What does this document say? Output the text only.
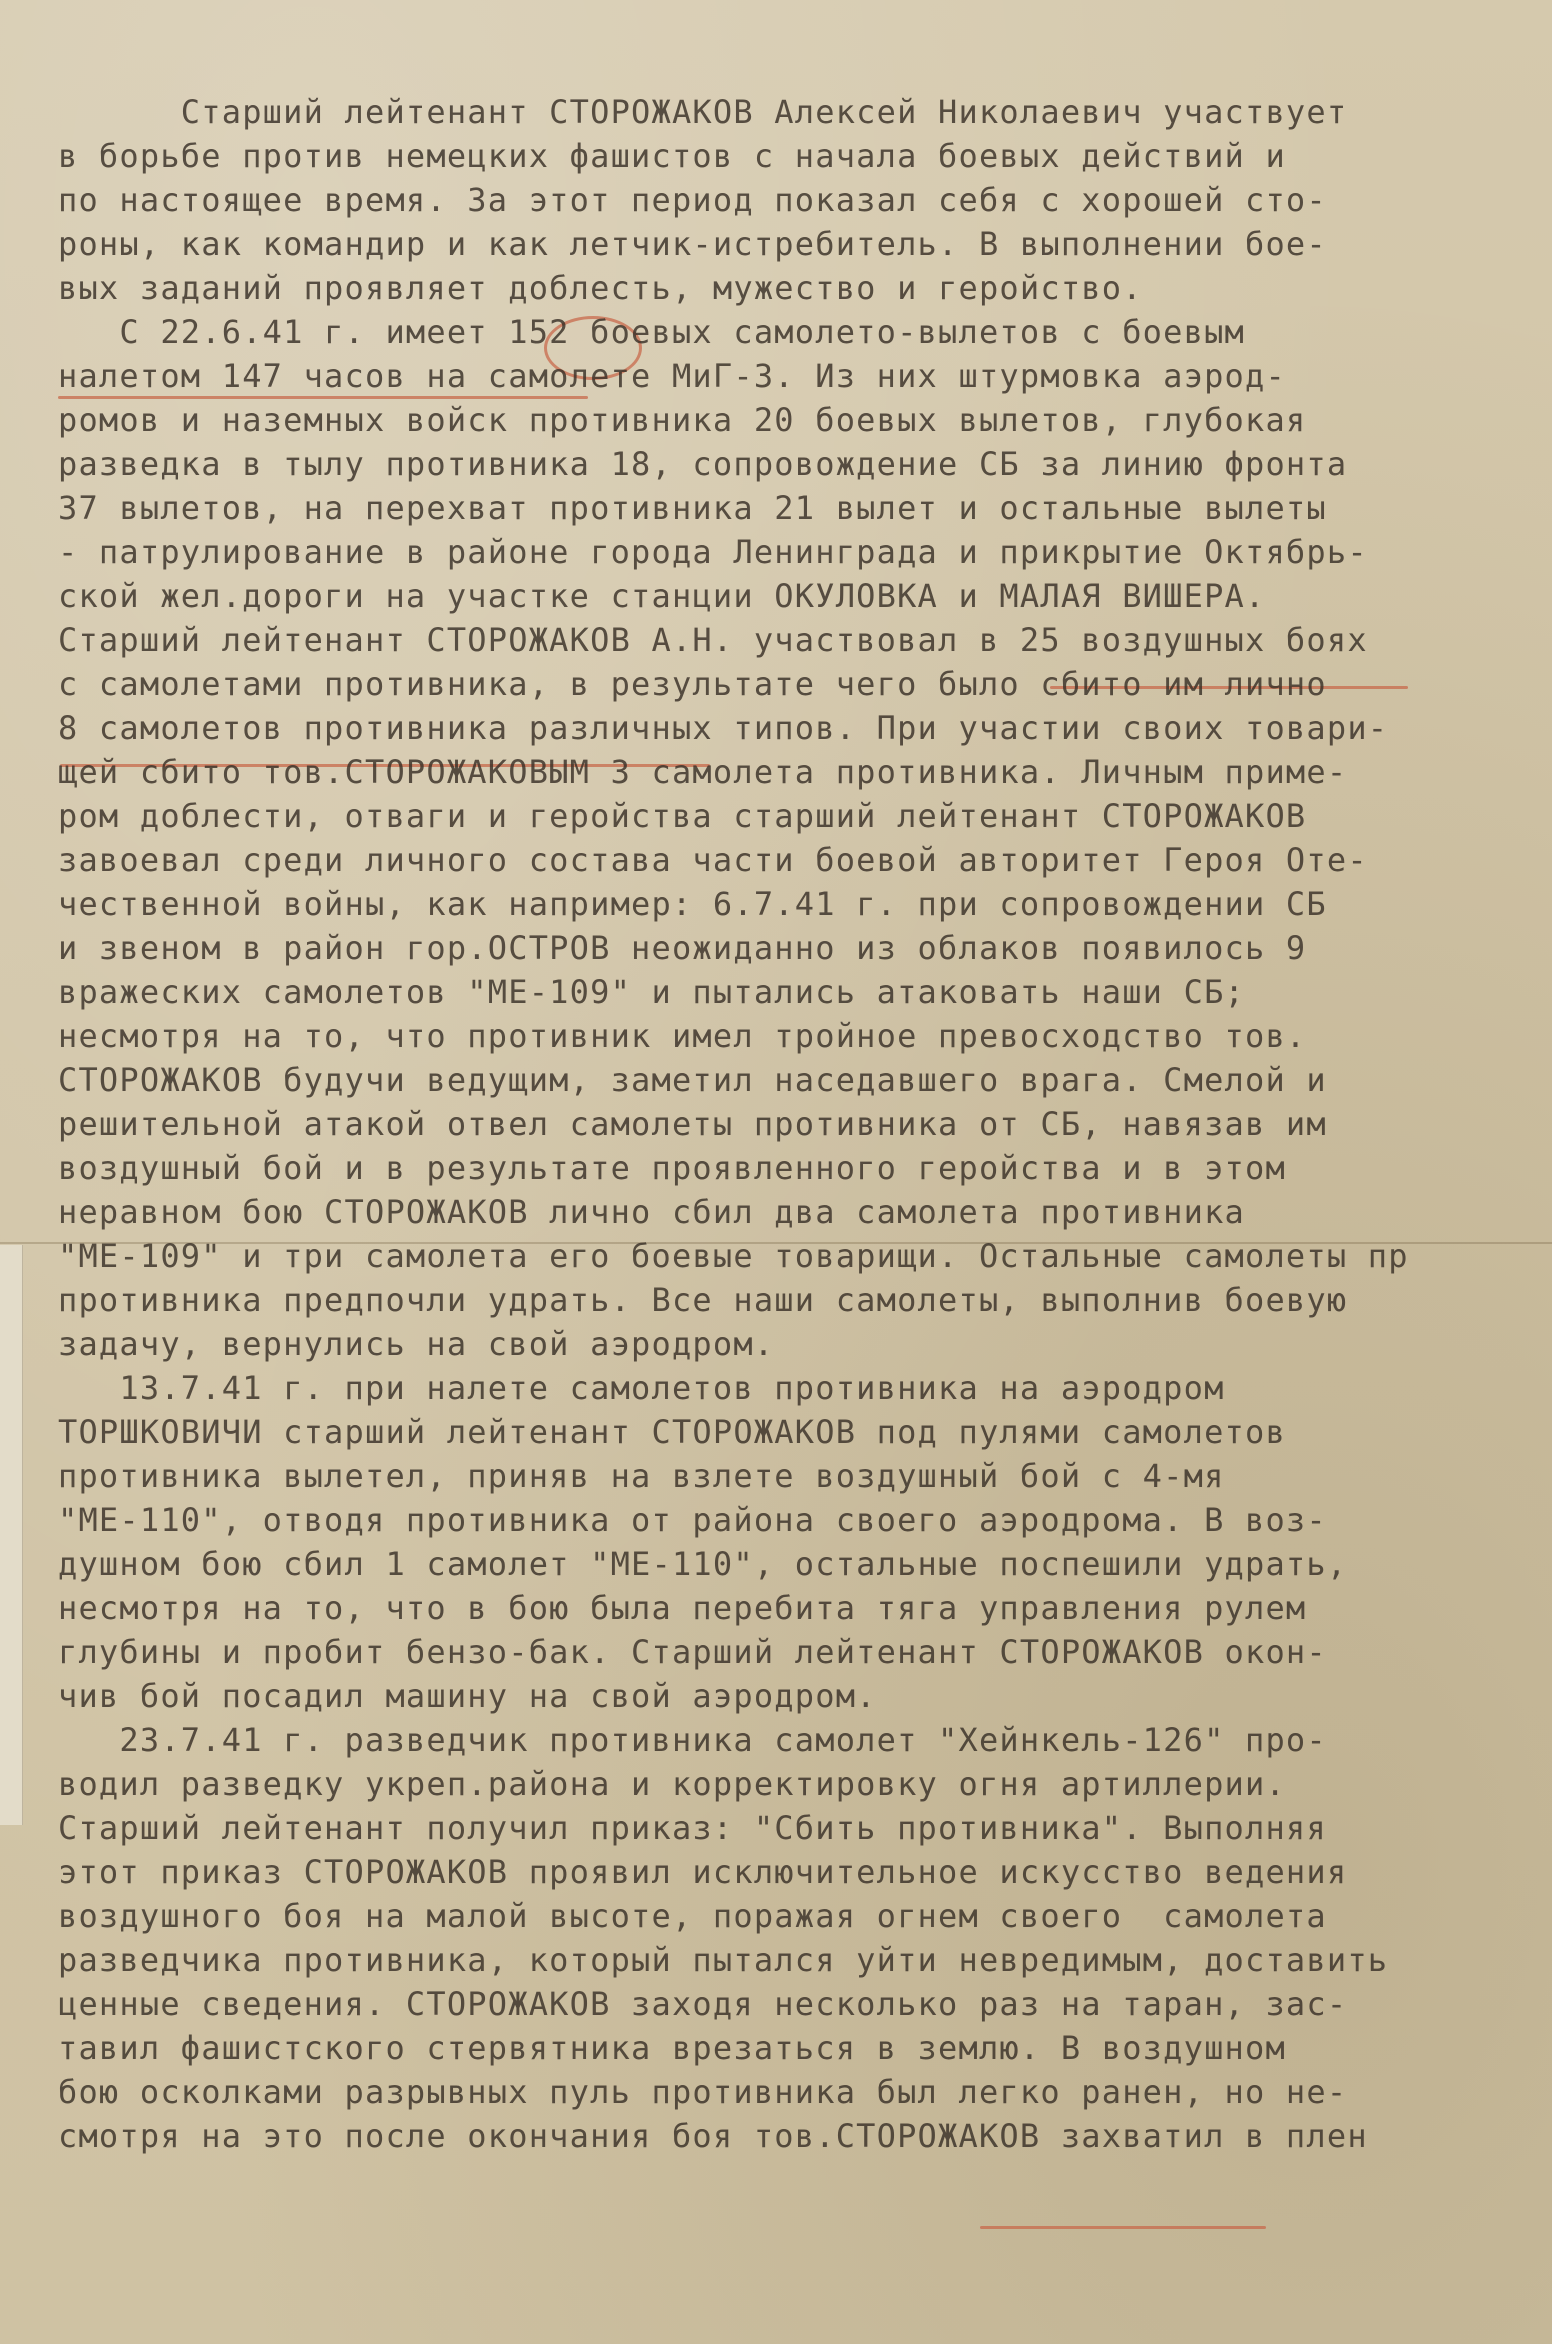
Старший лейтенант СТОРОЖАКОВ Алексей Николаевич участвует
в борьбе против немецких фашистов с начала боевых действий и
по настоящее время. За этот период показал себя с хорошей сто-
роны, как командир и как летчик-истребитель. В выполнении бое-
вых заданий проявляет доблесть, мужество и геройство.
С 22.6.41 г. имеет 152 боевых самолето-вылетов с боевым
налетом 147 часов на самолете МиГ-3. Из них штурмовка аэрод-
ромов и наземных войск противника 20 боевых вылетов, глубокая
разведка в тылу противника 18, сопровождение СБ за линию фронта
37 вылетов, на перехват противника 21 вылет и остальные вылеты
- патрулирование в районе города Ленинграда и прикрытие Октябрь-
ской жел.дороги на участке станции ОКУЛОВКА и МАЛАЯ ВИШЕРА.
Старший лейтенант СТОРОЖАКОВ А.Н. участвовал в 25 воздушных боях
с самолетами противника, в результате чего было сбито им лично
8 самолетов противника различных типов. При участии своих товари-
щей сбито тов.СТОРОЖАКОВЫМ 3 самолета противника. Личным приме-
ром доблести, отваги и геройства старший лейтенант СТОРОЖАКОВ
завоевал среди личного состава части боевой авторитет Героя Оте-
чественной войны, как например: 6.7.41 г. при сопровождении СБ
и звеном в район гор.ОСТРОВ неожиданно из облаков появилось 9
вражеских самолетов "МЕ-109" и пытались атаковать наши СБ;
несмотря на то, что противник имел тройное превосходство тов.
СТОРОЖАКОВ будучи ведущим, заметил наседавшего врага. Смелой и
решительной атакой отвел самолеты противника от СБ, навязав им
воздушный бой и в результате проявленного геройства и в этом
неравном бою СТОРОЖАКОВ лично сбил два самолета противника
"МЕ-109" и три самолета его боевые товарищи. Остальные самолеты пр
противника предпочли удрать. Все наши самолеты, выполнив боевую
задачу, вернулись на свой аэродром.
13.7.41 г. при налете самолетов противника на аэродром
ТОРШКОВИЧИ старший лейтенант СТОРОЖАКОВ под пулями самолетов
противника вылетел, приняв на взлете воздушный бой с 4-мя
"МЕ-110", отводя противника от района своего аэродрома. В воз-
душном бою сбил 1 самолет "МЕ-110", остальные поспешили удрать,
несмотря на то, что в бою была перебита тяга управления рулем
глубины и пробит бензо-бак. Старший лейтенант СТОРОЖАКОВ окон-
чив бой посадил машину на свой аэродром.
23.7.41 г. разведчик противника самолет "Хейнкель-126" про-
водил разведку укреп.района и корректировку огня артиллерии.
Старший лейтенант получил приказ: "Сбить противника". Выполняя
этот приказ СТОРОЖАКОВ проявил исключительное искусство ведения
воздушного боя на малой высоте, поражая огнем своего  самолета
разведчика противника, который пытался уйти невредимым, доставить
ценные сведения. СТОРОЖАКОВ заходя несколько раз на таран, зас-
тавил фашистского стервятника врезаться в землю. В воздушном
бою осколками разрывных пуль противника был легко ранен, но не-
смотря на это после окончания боя тов.СТОРОЖАКОВ захватил в плен
